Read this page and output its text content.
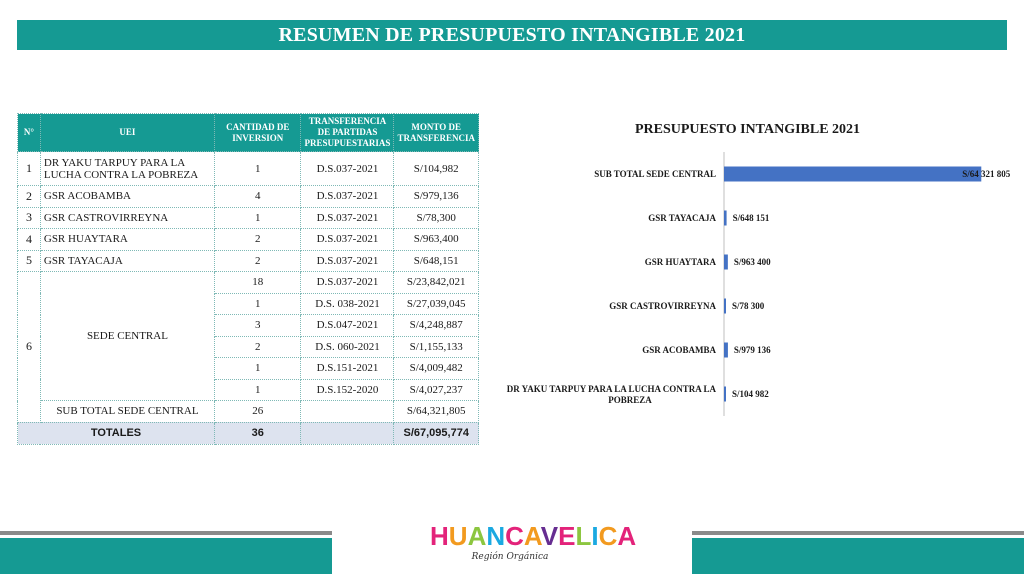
RESUMEN DE PRESUPUESTO INTANGIBLE 2021
N°	UEI	CANTIDAD DE INVERSION	TRANSFERENCIA DE PARTIDAS PRESUPUESTARIAS	MONTO DE TRANSFERENCIA
1	DR YAKU TARPUY PARA LA LUCHA CONTRA LA POBREZA	1	D.S.037-2021	S/104,982
2	GSR ACOBAMBA	4	D.S.037-2021	S/979,136
3	GSR CASTROVIRREYNA	1	D.S.037-2021	S/78,300
4	GSR HUAYTARA	2	D.S.037-2021	S/963,400
5	GSR TAYACAJA	2	D.S.037-2021	S/648,151
6	SEDE CENTRAL	18	D.S.037-2021	S/23,842,021
		1	D.S. 038-2021	S/27,039,045
		3	D.S.047-2021	S/4,248,887
		2	D.S. 060-2021	S/1,155,133
		1	D.S.151-2021	S/4,009,482
		1	D.S.152-2020	S/4,027,237
	SUB TOTAL SEDE CENTRAL	26		S/64,321,805
TOTALES		36		S/67,095,774
PRESUPUESTO INTANGIBLE 2021
SUB TOTAL SEDE CENTRAL	S/64 321 805
GSR TAYACAJA S/648 151
GSR HUAYTARA S/963 400
GSR CASTROVIRREYNA S/78 300
GSR ACOBAMBA S/979 136
DR YAKU TARPUY PARA LA LUCHA CONTRA LA POBREZA
S/104 982
HUANCAVELICA
Región Orgánica
